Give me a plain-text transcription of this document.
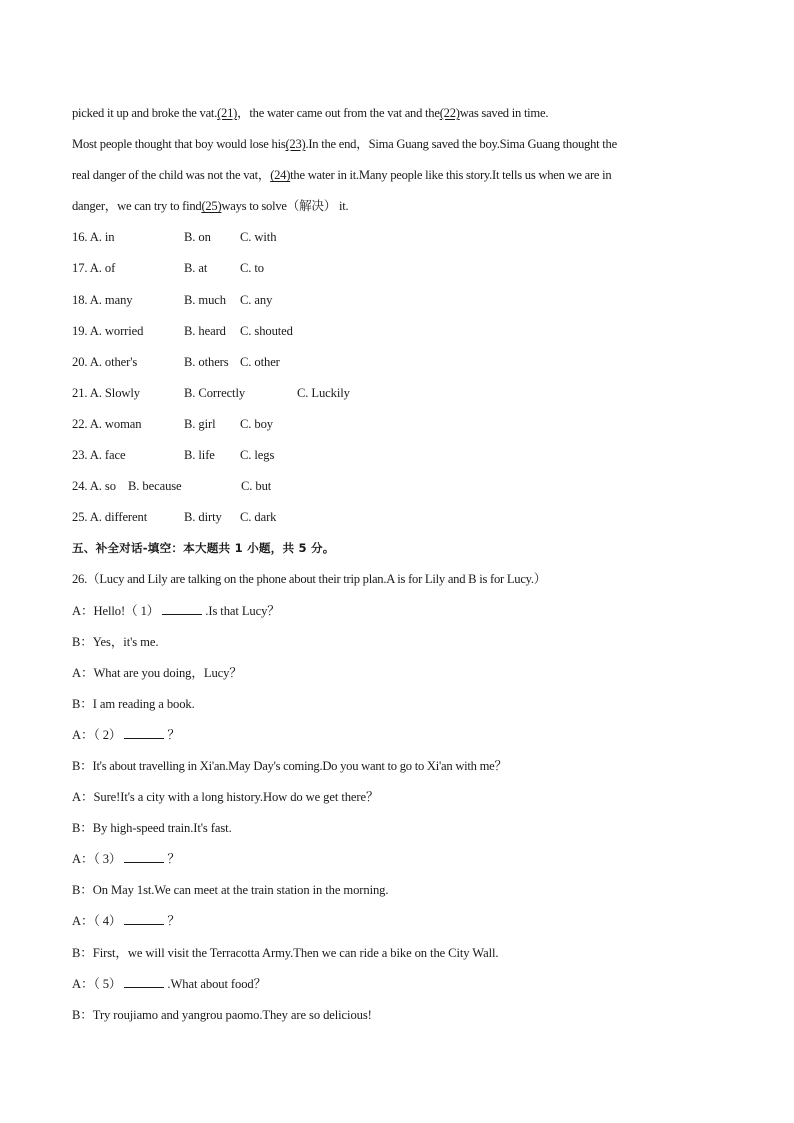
picked it up and broke the vat.(21)，the water came out from the vat and the(22)was saved in time.
Most people thought that boy would lose his(23).In the end，Sima Guang saved the boy.Sima Guang thought the
real danger of the child was not the vat，(24)the water in it.Many people like this story.It tells us when we are in
danger，we can try to find(25)ways to solve（解决） it.
16. A. in	B. on C. with
17. A. of	B. at	C. to
18. A. many	B. much C. any
19. A. worried	B. heard C. shouted
20. A. other's	B. others C. other
21. A. Slowly	B. Correctly	C. Luckily
22. A. woman	B. girl C. boy
23. A. face	B. life C. legs
24. A. so B. because	C. but
25. A. different	B. dirty C. dark
五、补全对话-填空：本大题共 1 小题，共 5 分。
26.（Lucy and Lily are talking on the phone about their trip plan.A is for Lily and B is for Lucy.）
A：Hello!（ 1）	.Is that Lucy？
B：Yes，it's me.
A：What are you doing，Lucy？
B：I am reading a book.
A：（ 2）	？
B：It's about travelling in Xi'an.May Day's coming.Do you want to go to Xi'an with me？
A：Sure!It's a city with a long history.How do we get there？
B：By high-speed train.It's fast.
A：（ 3）	？
B：On May 1st.We can meet at the train station in the morning.
A：（ 4）	？
B：First，we will visit the Terracotta Army.Then we can ride a bike on the City Wall.
A：（ 5）	.What about food？
B：Try roujiamo and yangrou paomo.They are so delicious!
